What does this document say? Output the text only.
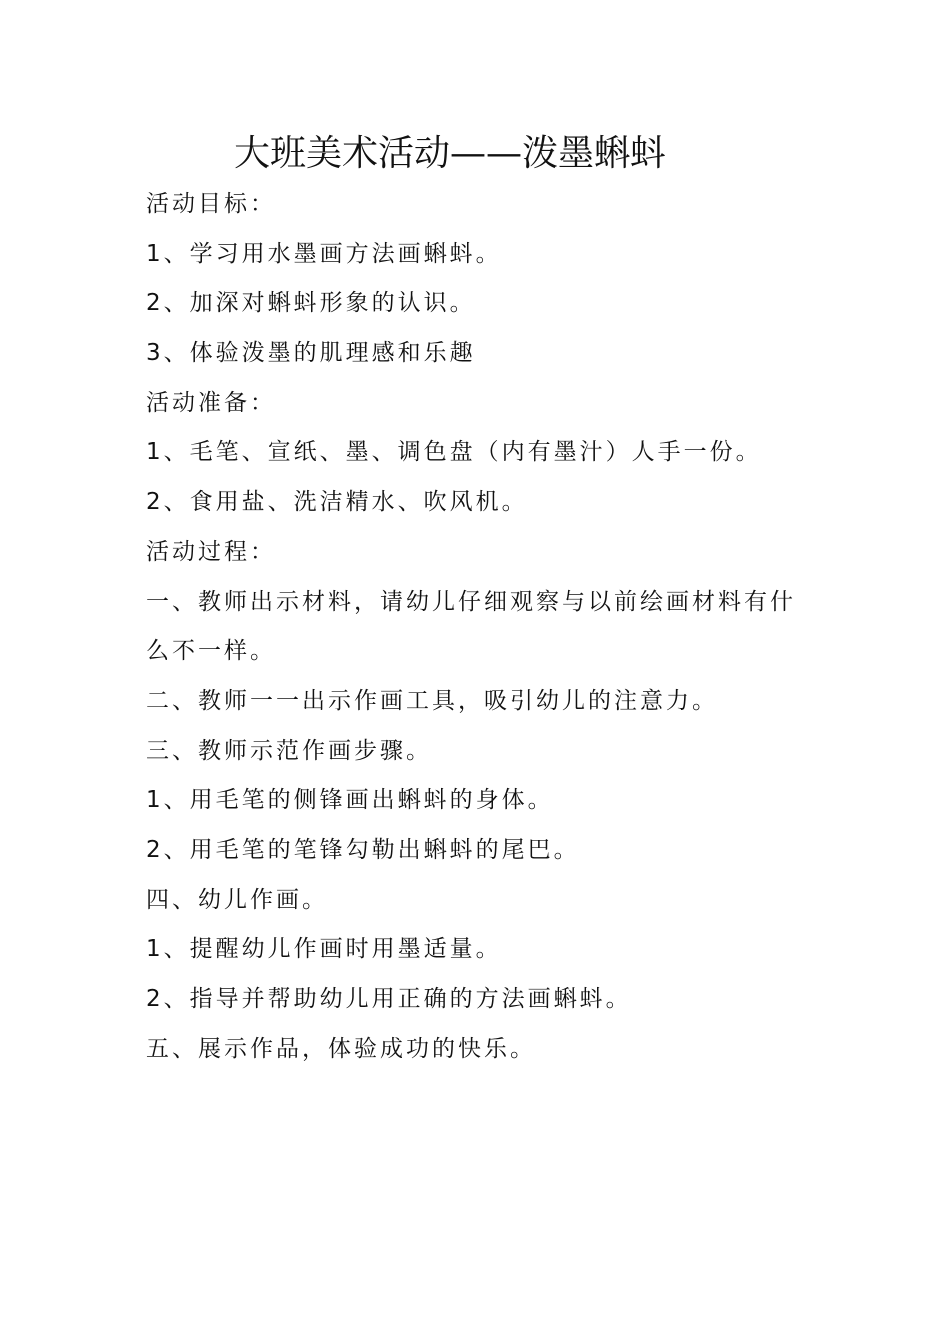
大班美术活动——泼墨蝌蚪
活动目标：
1、学习用水墨画方法画蝌蚪。
2、加深对蝌蚪形象的认识。
3、体验泼墨的肌理感和乐趣
活动准备：
1、毛笔、宣纸、墨、调色盘（内有墨汁）人手一份。
2、食用盐、洗洁精水、吹风机。
活动过程：
一、教师出示材料，请幼儿仔细观察与以前绘画材料有什
么不一样。
二、教师一一出示作画工具，吸引幼儿的注意力。
三、教师示范作画步骤。
1、用毛笔的侧锋画出蝌蚪的身体。
2、用毛笔的笔锋勾勒出蝌蚪的尾巴。
四、幼儿作画。
1、提醒幼儿作画时用墨适量。
2、指导并帮助幼儿用正确的方法画蝌蚪。
五、展示作品，体验成功的快乐。
